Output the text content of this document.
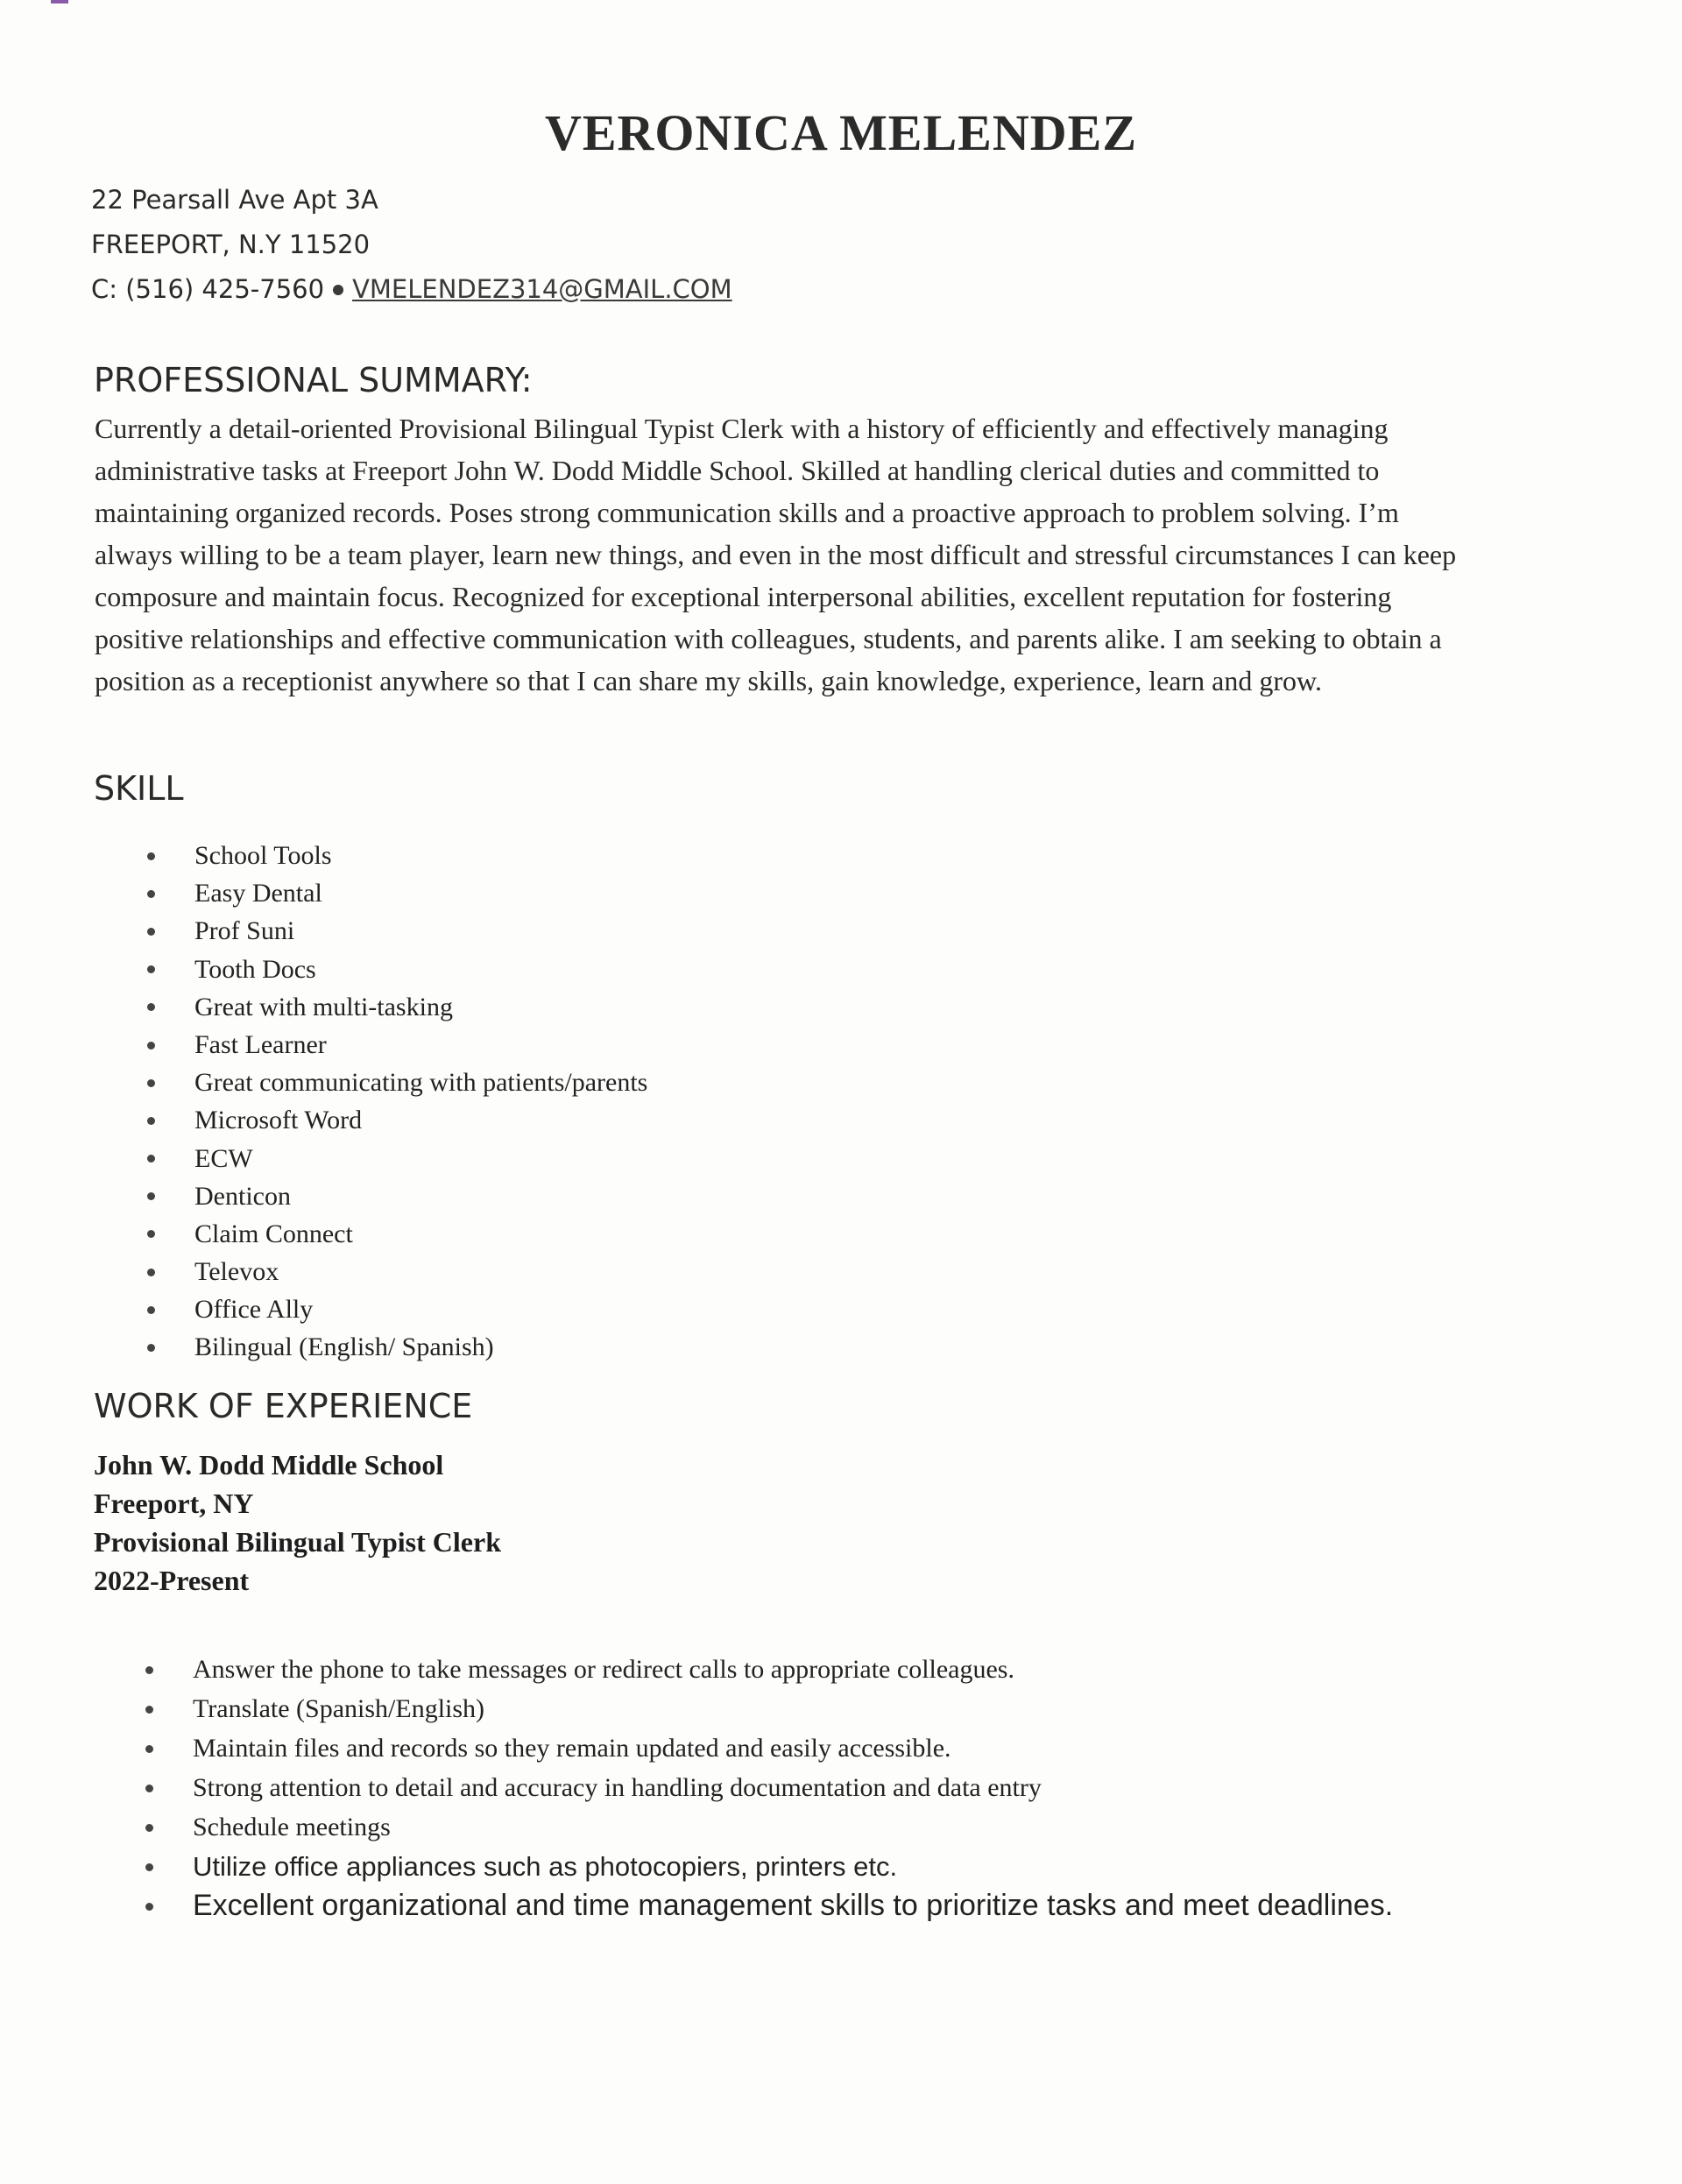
VERONICA MELENDEZ
22 Pearsall Ave Apt 3A
FREEPORT, N.Y 11520
C: (516) 425-7560 VMELENDEZ314@GMAIL.COM
PROFESSIONAL SUMMARY:
Currently a detail-oriented Provisional Bilingual Typist Clerk with a history of efficiently and effectively managing
administrative tasks at Freeport John W. Dodd Middle School. Skilled at handling clerical duties and committed to
maintaining organized records. Poses strong communication skills and a proactive approach to problem solving. I’m
always willing to be a team player, learn new things, and even in the most difficult and stressful circumstances I can keep
composure and maintain focus. Recognized for exceptional interpersonal abilities, excellent reputation for fostering
positive relationships and effective communication with colleagues, students, and parents alike. I am seeking to obtain a
position as a receptionist anywhere so that I can share my skills, gain knowledge, experience, learn and grow.
SKILL
School Tools
Easy Dental
Prof Suni
Tooth Docs
Great with multi-tasking
Fast Learner
Great communicating with patients/parents
Microsoft Word
ECW
Denticon
Claim Connect
Televox
Office Ally
Bilingual (English/ Spanish)
WORK OF EXPERIENCE
John W. Dodd Middle School
Freeport, NY
Provisional Bilingual Typist Clerk
2022-Present
Answer the phone to take messages or redirect calls to appropriate colleagues.
Translate (Spanish/English)
Maintain files and records so they remain updated and easily accessible.
Strong attention to detail and accuracy in handling documentation and data entry
Schedule meetings
Utilize office appliances such as photocopiers, printers etc.
Excellent organizational and time management skills to prioritize tasks and meet deadlines.
